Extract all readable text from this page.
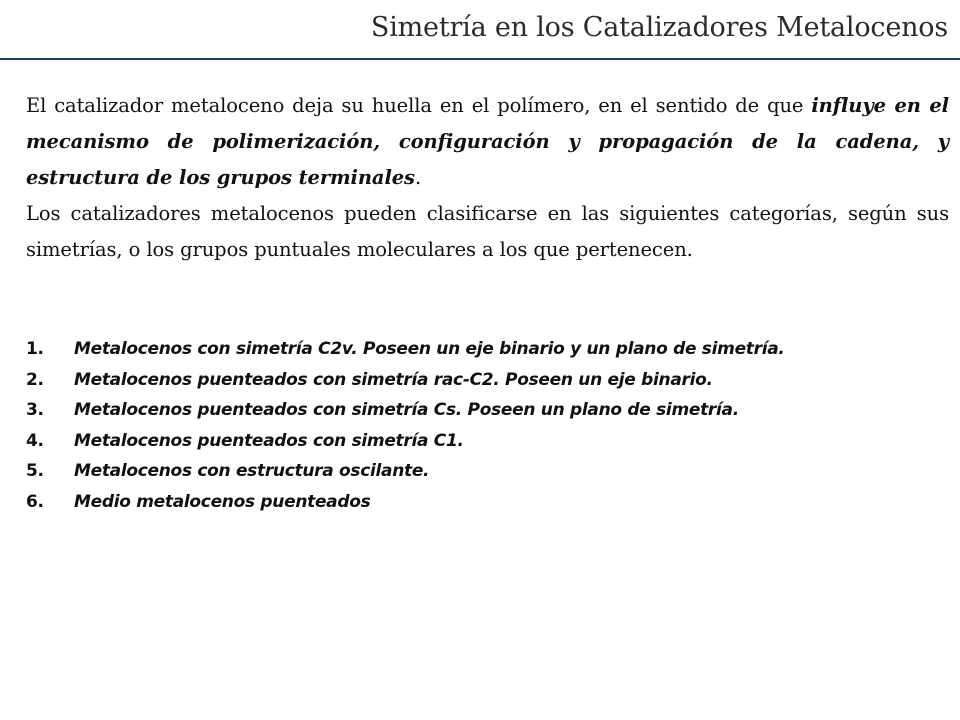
Simetría en los Catalizadores Metalocenos

El catalizador metaloceno deja su huella en el polímero, en el sentido de que influye en el mecanismo de polimerización, configuración y propagación de la cadena, y estructura de los grupos terminales.

Los catalizadores metalocenos pueden clasificarse en las siguientes categorías, según sus simetrías, o los grupos puntuales moleculares a los que pertenecen.

1.	Metalocenos con simetría C2v. Poseen un eje binario y un plano de simetría.
2.	Metalocenos puenteados con simetría rac-C2. Poseen un eje binario.
3.	Metalocenos puenteados con simetría Cs. Poseen un plano de simetría.
4.	Metalocenos puenteados con simetría C1.
5.	Metalocenos con estructura oscilante.
6.	Medio metalocenos puenteados
